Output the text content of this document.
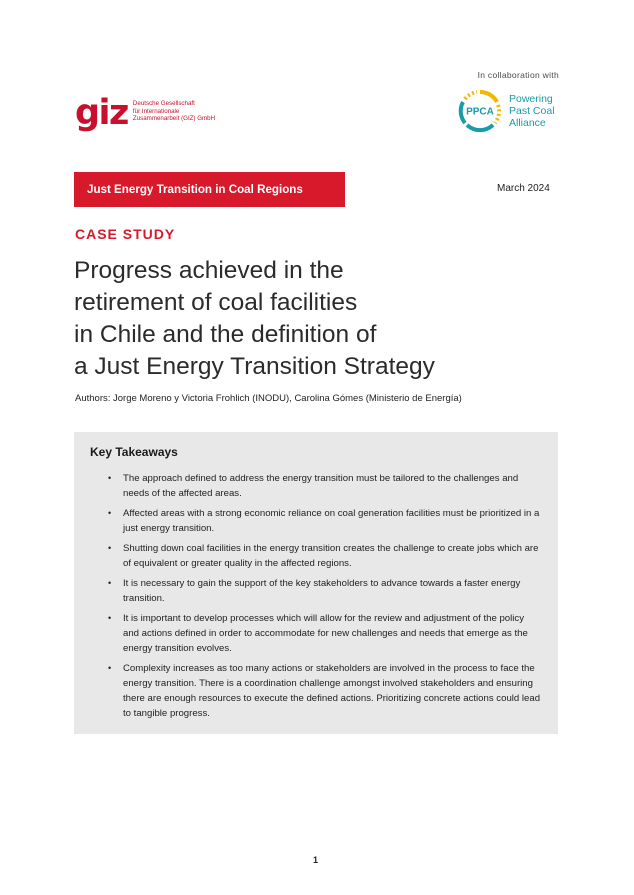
giz Deutsche Gesellschaft
für Internationale
Zusammenarbeit (GIZ) GmbH
In collaboration with
PPCA
Powering
Past Coal
Alliance
Just Energy Transition in Coal Regions	March 2024
CASE STUDY
Progress achieved in the
retirement of coal facilities
in Chile and the definition of
a Just Energy Transition Strategy
Authors: Jorge Moreno y Victoria Frohlich (INODU), Carolina Gómes (Ministerio de Energía)
Key Takeaways
• The approach defined to address the energy transition must be tailored to the challenges and needs of the affected areas.
• Affected areas with a strong economic reliance on coal generation facilities must be prioritized in a just energy transition.
• Shutting down coal facilities in the energy transition creates the challenge to create jobs which are of equivalent or greater quality in the affected regions.
• It is necessary to gain the support of the key stakeholders to advance towards a faster energy transition.
• It is important to develop processes which will allow for the review and adjustment of the policy and actions defined in order to accommodate for new challenges and needs that emerge as the energy transition evolves.
• Complexity increases as too many actions or stakeholders are involved in the process to face the energy transition. There is a coordination challenge amongst involved stakeholders and ensuring there are enough resources to execute the defined actions. Prioritizing concrete actions could lead to tangible progress.
1
